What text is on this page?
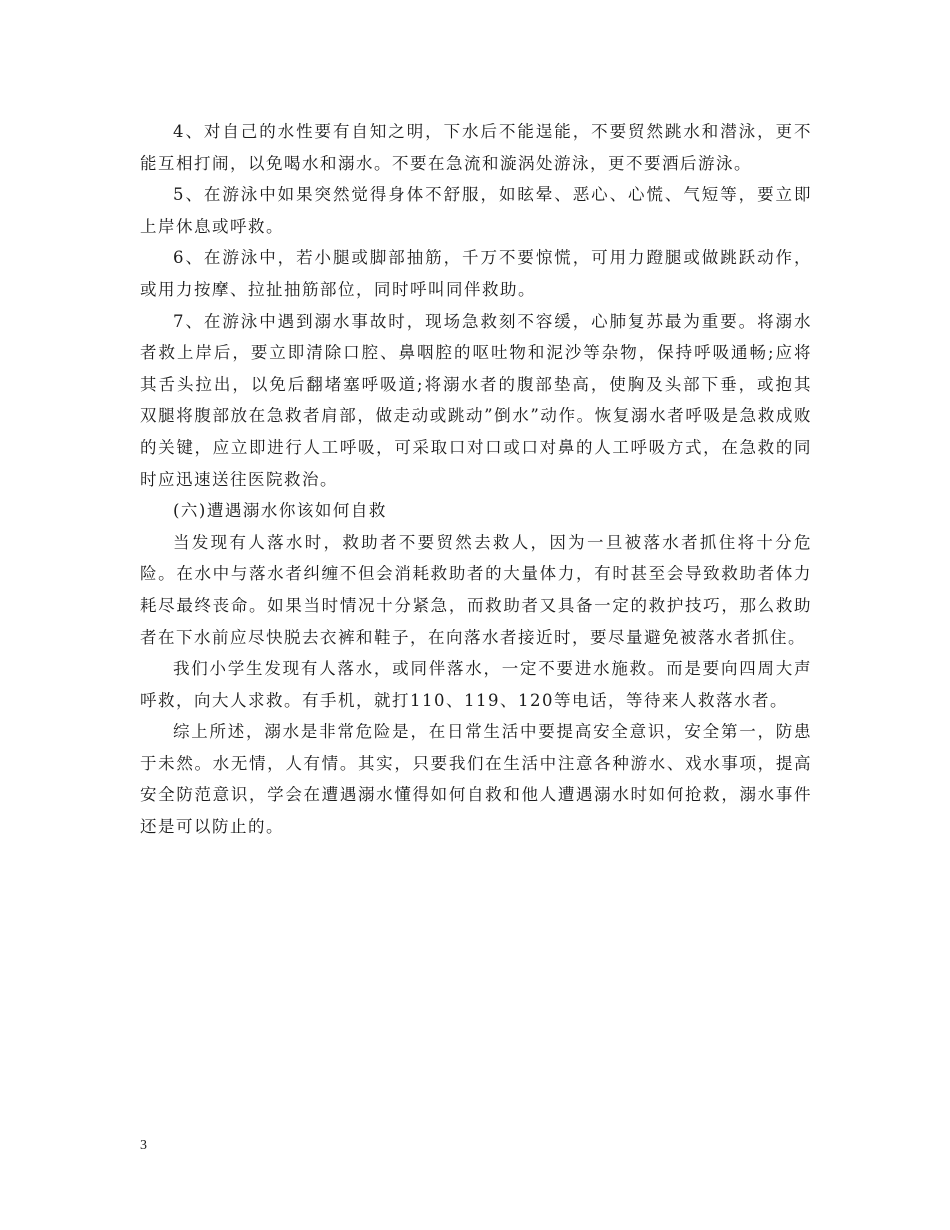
4、对自己的水性要有自知之明，下水后不能逞能，不要贸然跳水和潜泳，更不能互相打闹，以免喝水和溺水。不要在急流和漩涡处游泳，更不要酒后游泳。

5、在游泳中如果突然觉得身体不舒服，如眩晕、恶心、心慌、气短等，要立即上岸休息或呼救。

6、在游泳中，若小腿或脚部抽筋，千万不要惊慌，可用力蹬腿或做跳跃动作，或用力按摩、拉扯抽筋部位，同时呼叫同伴救助。

7、在游泳中遇到溺水事故时，现场急救刻不容缓，心肺复苏最为重要。将溺水者救上岸后，要立即清除口腔、鼻咽腔的呕吐物和泥沙等杂物，保持呼吸通畅;应将其舌头拉出，以免后翻堵塞呼吸道;将溺水者的腹部垫高，使胸及头部下垂，或抱其双腿将腹部放在急救者肩部，做走动或跳动”倒水”动作。恢复溺水者呼吸是急救成败的关键，应立即进行人工呼吸，可采取口对口或口对鼻的人工呼吸方式，在急救的同时应迅速送往医院救治。

(六)遭遇溺水你该如何自救

当发现有人落水时，救助者不要贸然去救人，因为一旦被落水者抓住将十分危险。在水中与落水者纠缠不但会消耗救助者的大量体力，有时甚至会导致救助者体力耗尽最终丧命。如果当时情况十分紧急，而救助者又具备一定的救护技巧，那么救助者在下水前应尽快脱去衣裤和鞋子，在向落水者接近时，要尽量避免被落水者抓住。

我们小学生发现有人落水，或同伴落水，一定不要进水施救。而是要向四周大声呼救，向大人求救。有手机，就打110、119、120等电话，等待来人救落水者。

综上所述，溺水是非常危险是，在日常生活中要提高安全意识，安全第一，防患于未然。水无情，人有情。其实，只要我们在生活中注意各种游水、戏水事项，提高安全防范意识，学会在遭遇溺水懂得如何自救和他人遭遇溺水时如何抢救，溺水事件还是可以防止的。

3
